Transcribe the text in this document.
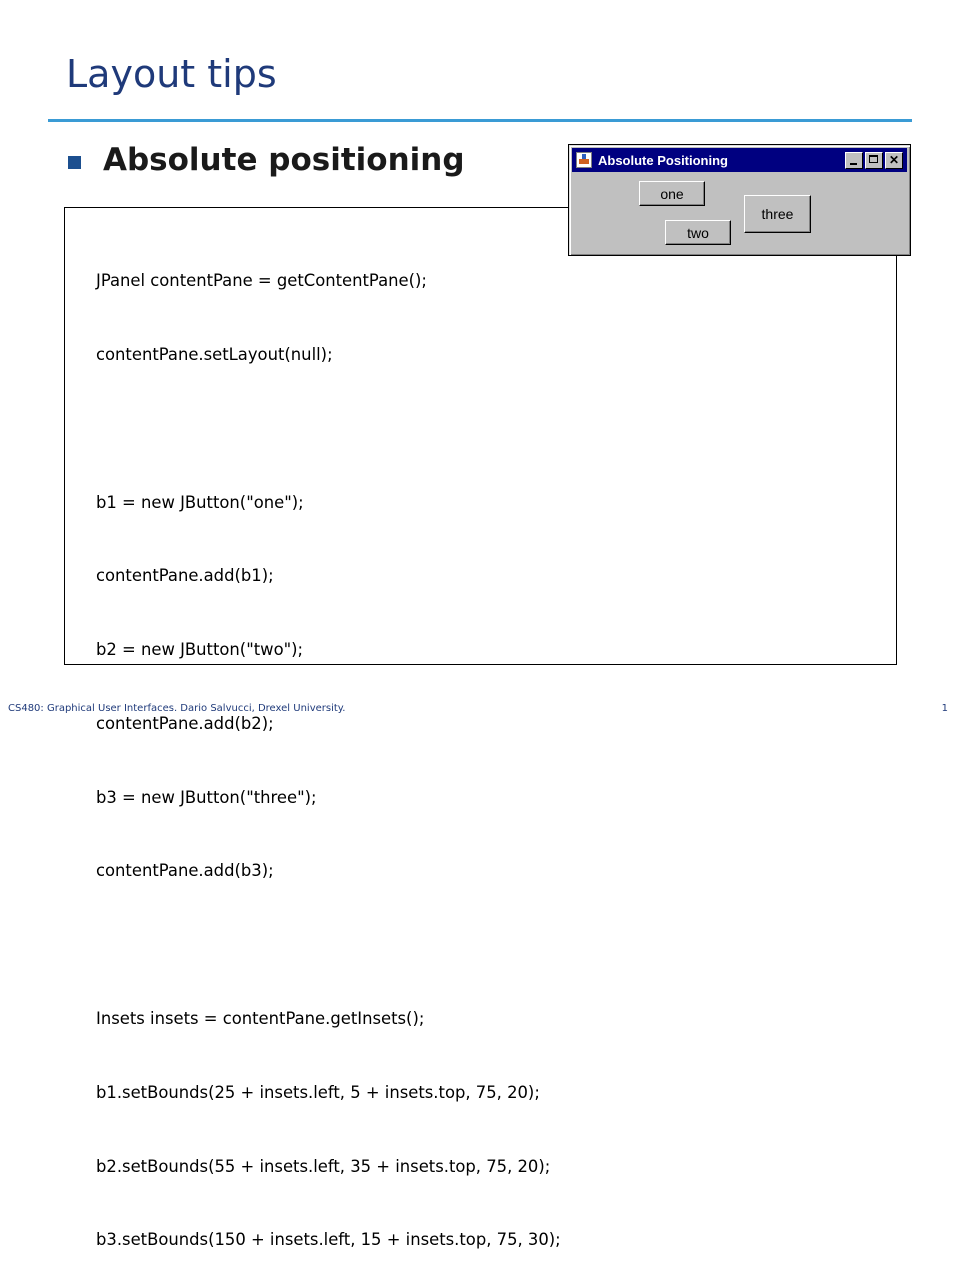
Layout tips
Absolute positioning

JPanel contentPane = getContentPane();

contentPane.setLayout(null);

b1 = new JButton("one");

contentPane.add(b1);

b2 = new JButton("two");

contentPane.add(b2);

b3 = new JButton("three");

contentPane.add(b3);

Insets insets = contentPane.getInsets();

b1.setBounds(25 + insets.left, 5 + insets.top, 75, 20);

b2.setBounds(55 + insets.left, 35 + insets.top, 75, 20);

b3.setBounds(150 + insets.left, 15 + insets.top, 75, 30);

Absolute Positioning	✕
one
two
three
CS480: Graphical User Interfaces. Dario Salvucci, Drexel University.	1
